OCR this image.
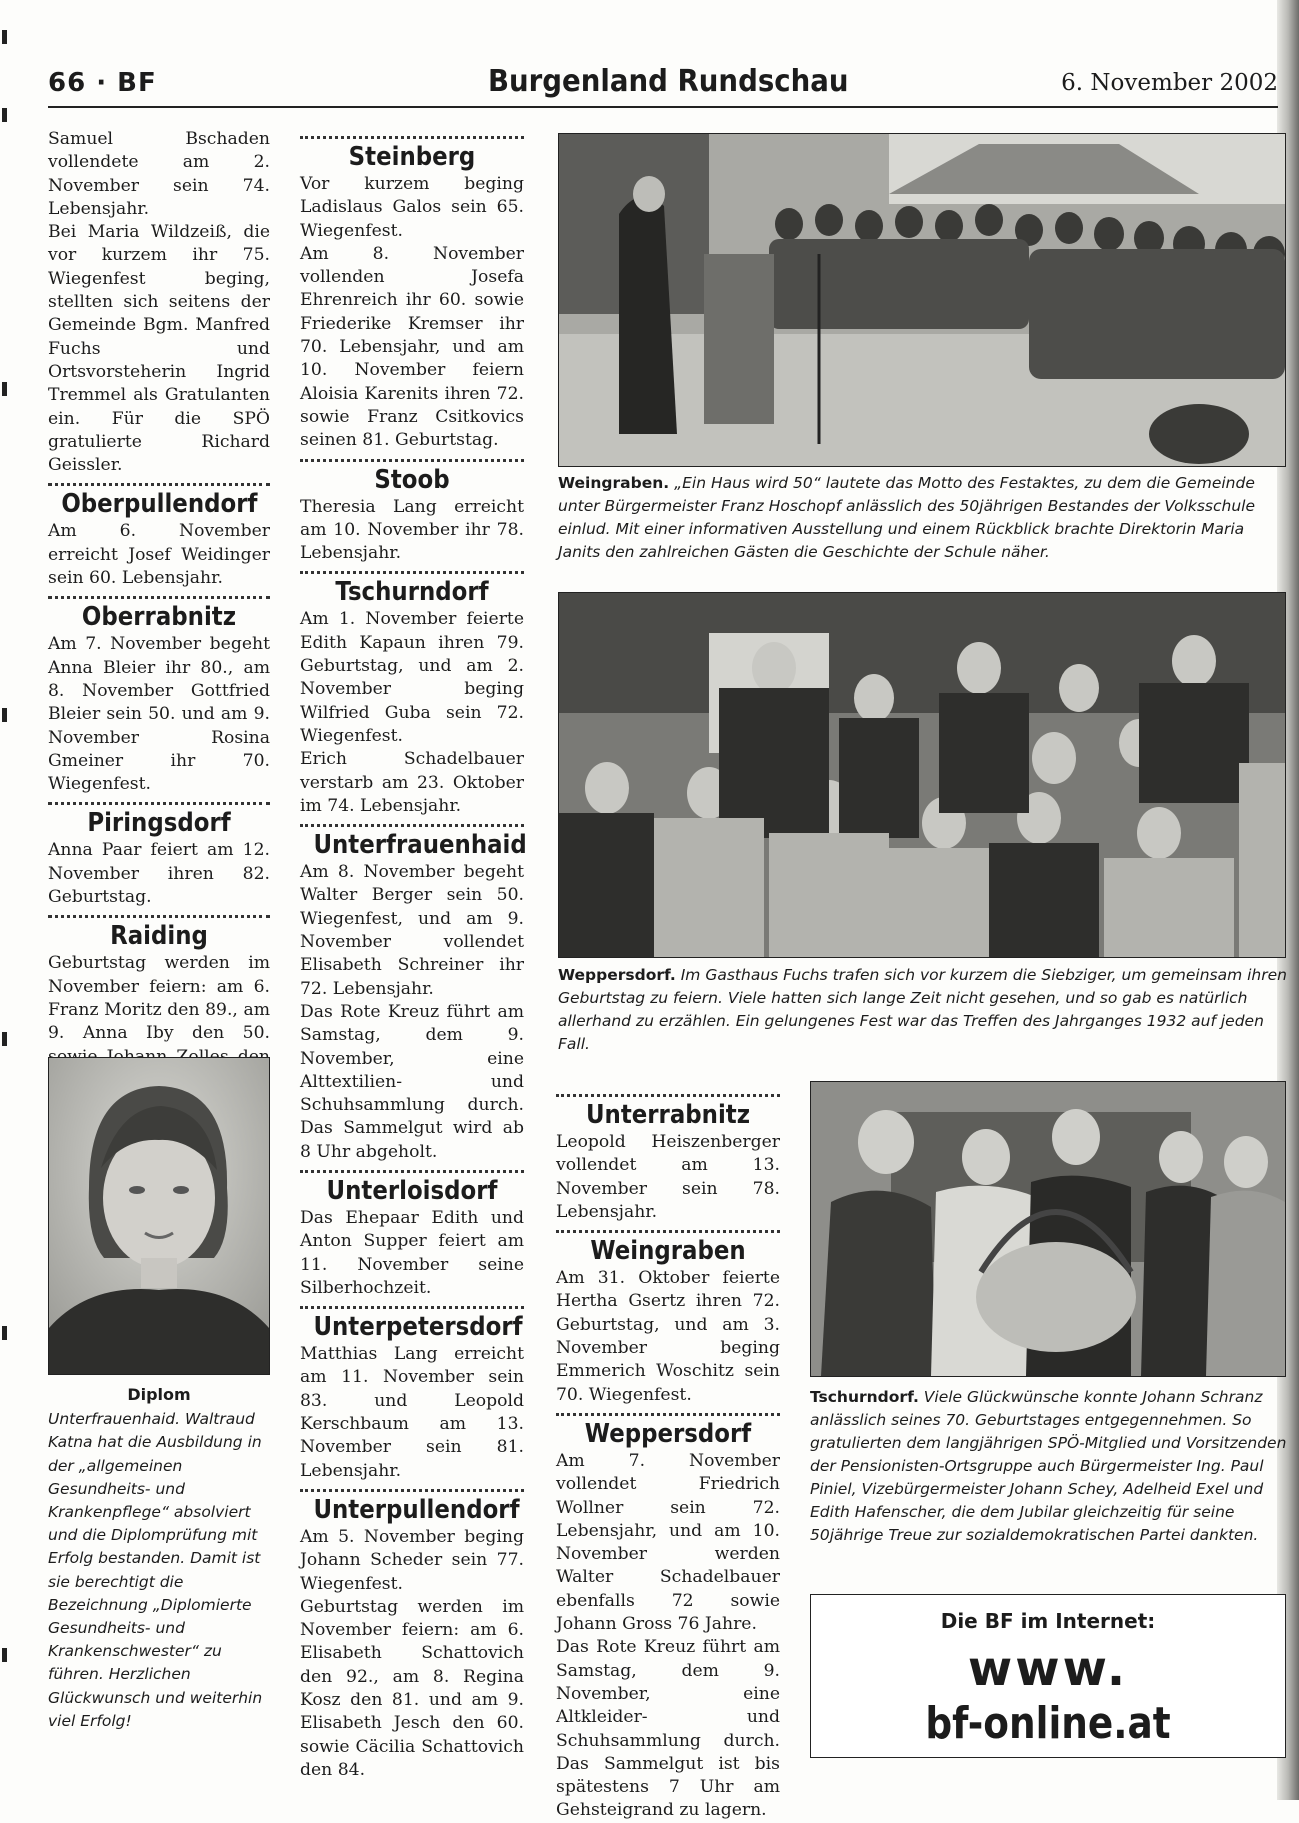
66 · BF	Burgenland Rundschau	6. November 2002

Samuel Bschaden vollendete am 2. November sein 74. Lebensjahr.

Bei Maria Wildzeiß, die vor kurzem ihr 75. Wiegenfest beging, stellten sich seitens der Gemeinde Bgm. Manfred Fuchs und Ortsvorsteherin Ingrid Tremmel als Gratulanten ein. Für die SPÖ gratulierte Richard Geissler.

Oberpullendorf

Am 6. November erreicht Josef Weidinger sein 60. Lebensjahr.

Oberrabnitz

Am 7. November begeht Anna Bleier ihr 80., am 8. November Gottfried Bleier sein 50. und am 9. November Rosina Gmeiner ihr 70. Wiegenfest.

Piringsdorf

Anna Paar feiert am 12. November ihren 82. Geburtstag.

Raiding

Geburtstag werden im November feiern: am 6. Franz Moritz den 89., am 9. Anna Iby den 50.

Diplom
Unterfrauenhaid. Waltraud Katna hat die Ausbildung in der „allgemeinen Gesundheits- und Krankenpflege“ absolviert und die Diplomprüfung mit Erfolg bestanden. Damit ist sie berechtigt die Bezeichnung „Diplomierte Gesundheits- und Krankenschwester“ zu führen. Herzlichen Glückwunsch und weiterhin viel Erfolg!
Steinberg

Vor kurzem beging Ladislaus Galos sein 65. Wiegenfest.

Am 8. November vollenden Josefa Ehrenreich ihr 60. sowie Friederike Kremser ihr 70. Lebensjahr, und am 10. November feiern Aloisia Karenits ihren 72. sowie Franz Csitkovics seinen 81. Geburtstag.

Stoob

Theresia Lang erreicht am 10. November ihr 78. Lebensjahr.

Tschurndorf

Am 1. November feierte Edith Kapaun ihren 79. Geburtstag, und am 2. November beging Wilfried Guba sein 72. Wiegenfest.

Erich Schadelbauer verstarb am 23. Oktober im 74. Lebensjahr.

Unterfrauenhaid

Am 8. November begeht Walter Berger sein 50. Wiegenfest, und am 9. November vollendet Elisabeth Schreiner ihr 72. Lebensjahr.

Das Rote Kreuz führt am Samstag, dem 9. November, eine Alttextilien- und Schuhsammlung durch. Das Sammelgut wird ab 8 Uhr abgeholt.

Unterloisdorf

Das Ehepaar Edith und Anton Supper feiert am 11. November seine Silberhochzeit.

Unterpetersdorf

Matthias Lang erreicht am 11. November sein 83. und Leopold Kerschbaum am 13. November sein 81. Lebensjahr.

Unterpullendorf

Am 5. November beging Johann Scheder sein 77. Wiegenfest.

Geburtstag werden im November feiern: am 6. Elisabeth Schattovich den 92., am 8. Regina Kosz den 81. und am 9. Elisabeth Jesch den 60. sowie Cäcilia Schattovich den 84.

Weingraben. „Ein Haus wird 50“ lautete das Motto des Festaktes, zu dem die Gemeinde unter Bürgermeister Franz Hoschopf anlässlich des 50jährigen Bestandes der Volksschule einlud. Mit einer informativen Ausstellung und einem Rückblick brachte Direktorin Maria Janits den zahlreichen Gästen die Geschichte der Schule näher.
Weppersdorf. Im Gasthaus Fuchs trafen sich vor kurzem die Siebziger, um gemeinsam ihren Geburtstag zu feiern. Viele hatten sich lange Zeit nicht gesehen, und so gab es natürlich allerhand zu erzählen. Ein gelungenes Fest war das Treffen des Jahrganges 1932 auf jeden Fall.
Unterrabnitz

Leopold Heiszenberger vollendet am 13. November sein 78. Lebensjahr.

Weingraben

Am 31. Oktober feierte Hertha Gsertz ihren 72. Geburtstag, und am 3. November beging Emmerich Woschitz sein 70. Wiegenfest.

Weppersdorf

Am 7. November vollendet Friedrich Wollner sein 72. Lebensjahr, und am 10. November werden Walter Schadelbauer ebenfalls 72 sowie Johann Gross 76 Jahre.

Das Rote Kreuz führt am Samstag, dem 9. November, eine Altkleider- und Schuhsammlung durch. Das Sammelgut ist bis spätestens 7 Uhr am Gehsteigrand zu lagern.

Tschurndorf. Viele Glückwünsche konnte Johann Schranz anlässlich seines 70. Geburtstages entgegennehmen. So gratulierten dem langjährigen SPÖ-Mitglied und Vorsitzenden der Pensionisten-Ortsgruppe auch Bürgermeister Ing. Paul Piniel, Vizebürgermeister Johann Schey, Adelheid Exel und Edith Hafenscher, die dem Jubilar gleichzeitig für seine 50jährige Treue zur sozialdemokratischen Partei dankten.
Die BF im Internet:
www.
bf-online.at
